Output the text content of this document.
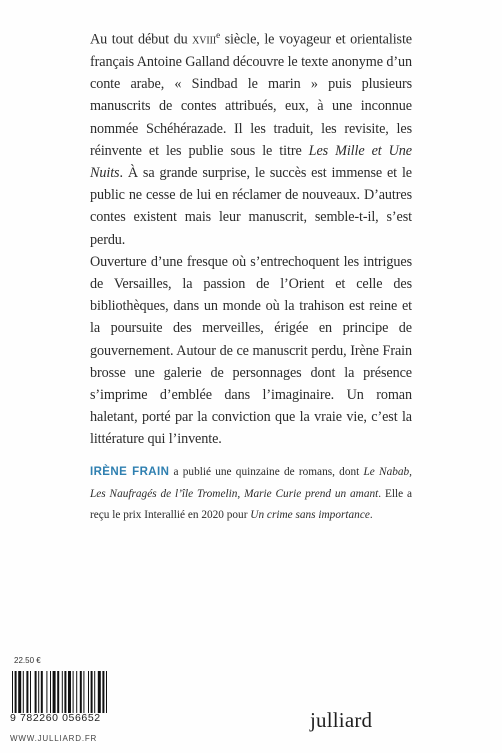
Au tout début du xviii$^e$ siècle, le voyageur et orientaliste français Antoine Galland découvre le texte anonyme d’un conte arabe, « Sindbad le marin » puis plusieurs manuscrits de contes attribués, eux, à une inconnue nommée Schéhérazade. Il les traduit, les revisite, les réinvente et les publie sous le titre Les Mille et Une Nuits. À sa grande surprise, le succès est immense et le public ne cesse de lui en réclamer de nouveaux. D’autres contes existent mais leur manuscrit, semble-t-il, s’est perdu.

Ouverture d’une fresque où s’entrechoquent les intrigues de Versailles, la passion de l’Orient et celle des bibliothèques, dans un monde où la trahison est reine et la poursuite des merveilles, érigée en principe de gouvernement. Autour de ce manuscrit perdu, Irène Frain brosse une galerie de personnages dont la présence s’imprime d’emblée dans l’imaginaire. Un roman haletant, porté par la conviction que la vraie vie, c’est la littérature qui l’invente.

IRÈNE FRAIN a publié une quinzaine de romans, dont Le Nabab, Les Naufragés de l’île Tromelin, Marie Curie prend un amant. Elle a reçu le prix Interallié en 2020 pour Un crime sans importance.

22.50 €
9 782260 056652
WWW.JULLIARD.FR
julliard
